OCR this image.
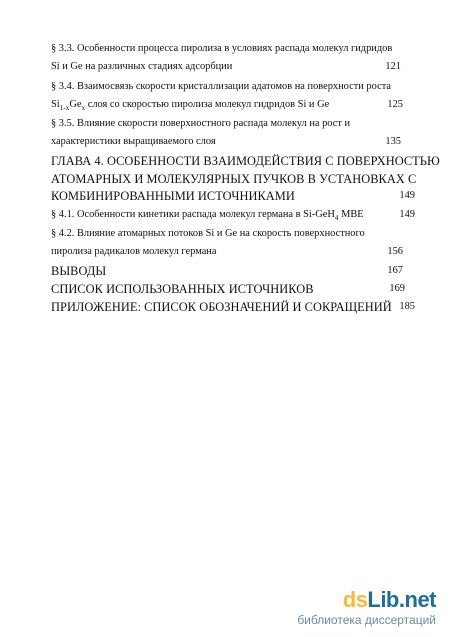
§ 3.3. Особенности процесса пиролиза в условиях распада молекул гидридов
Si и Ge на различных стадиях адсорбции	121
§ 3.4. Взаимосвязь скорости кристаллизации адатомов на поверхности роста
$Si_{1-x}Ge_x$ слоя со скоростью пиролиза молекул гидридов Si и Ge	125
§ 3.5. Влияние скорости поверхностного распада молекул на рост и
характеристики выращиваемого слоя	135
ГЛАВА 4. ОСОБЕННОСТИ ВЗАИМОДЕЙСТВИЯ С ПОВЕРХНОСТЬЮ
АТОМАРНЫХ И МОЛЕКУЛЯРНЫХ ПУЧКОВ В УСТАНОВКАХ С
КОМБИНИРОВАННЫМИ ИСТОЧНИКАМИ	149
§ 4.1. Особенности кинетики распада молекул германа в Si-GeH$_4$ MBE	149
§ 4.2. Влияние атомарных потоков Si и Ge на скорость поверхностного
пиролиза радикалов молекул германа	156
ВЫВОДЫ	167
СПИСОК ИСПОЛЬЗОВАННЫХ ИСТОЧНИКОВ	169
ПРИЛОЖЕНИЕ: СПИСОК ОБОЗНАЧЕНИЙ И СОКРАЩЕНИЙ 185
dsLib.net
библиотека диссертаций
